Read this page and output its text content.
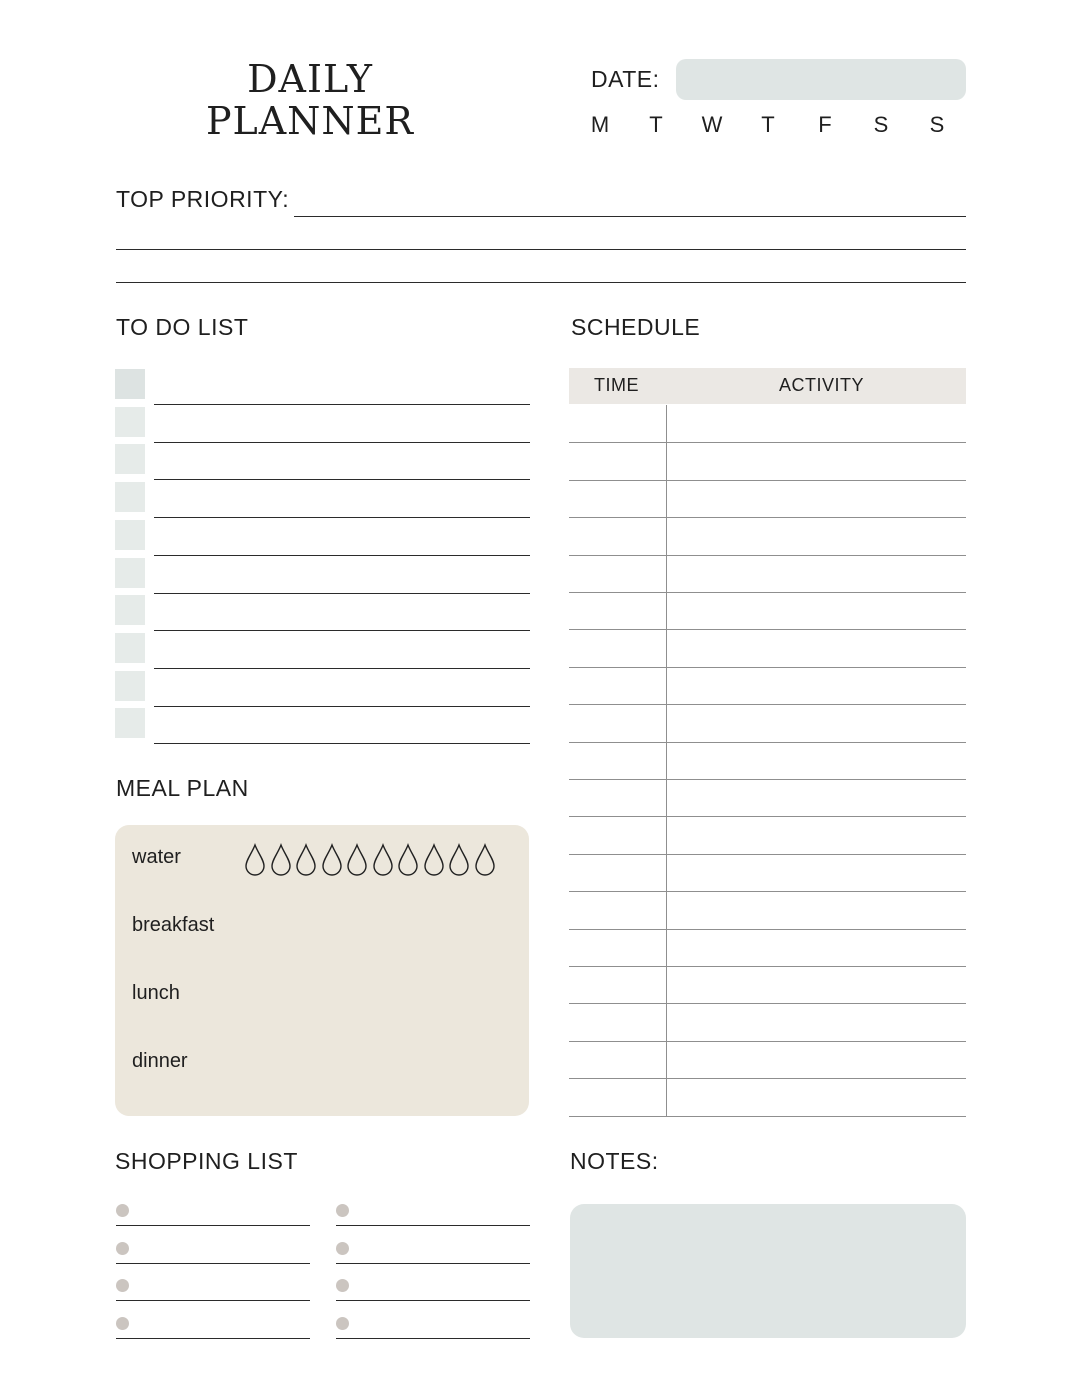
DAILY
PLANNER
DATE:
M	T	W	T	F	S	S
TOP PRIORITY:
TO DO LIST	SCHEDULE
TIME	ACTIVITY
MEAL PLAN
water
breakfast
lunch
dinner
SHOPPING LIST	NOTES:
